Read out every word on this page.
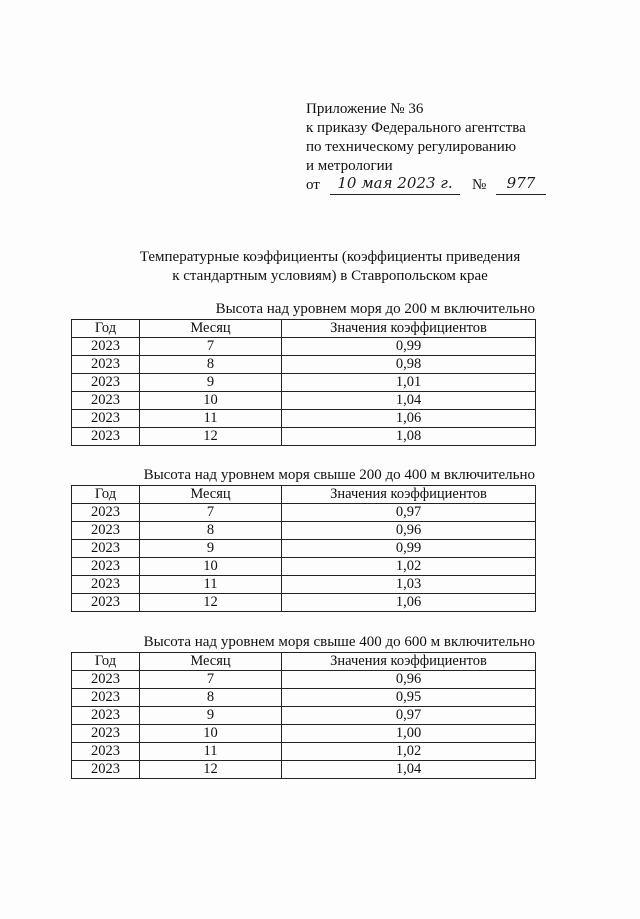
Приложение № 36
к приказу Федерального агентства
по техническому регулированию
и метрологии
от	10 мая 2023 г.	№	977
Температурные коэффициенты (коэффициенты приведения
к стандартным условиям) в Ставропольском крае
Высота над уровнем моря до 200 м включительно
Год	Месяц	Значения коэффициентов
2023	7	0,99
2023	8	0,98
2023	9	1,01
2023	10	1,04
2023	11	1,06
2023	12	1,08
Высота над уровнем моря свыше 200 до 400 м включительно
Год	Месяц	Значения коэффициентов
2023	7	0,97
2023	8	0,96
2023	9	0,99
2023	10	1,02
2023	11	1,03
2023	12	1,06
Высота над уровнем моря свыше 400 до 600 м включительно
Год	Месяц	Значения коэффициентов
2023	7	0,96
2023	8	0,95
2023	9	0,97
2023	10	1,00
2023	11	1,02
2023	12	1,04
